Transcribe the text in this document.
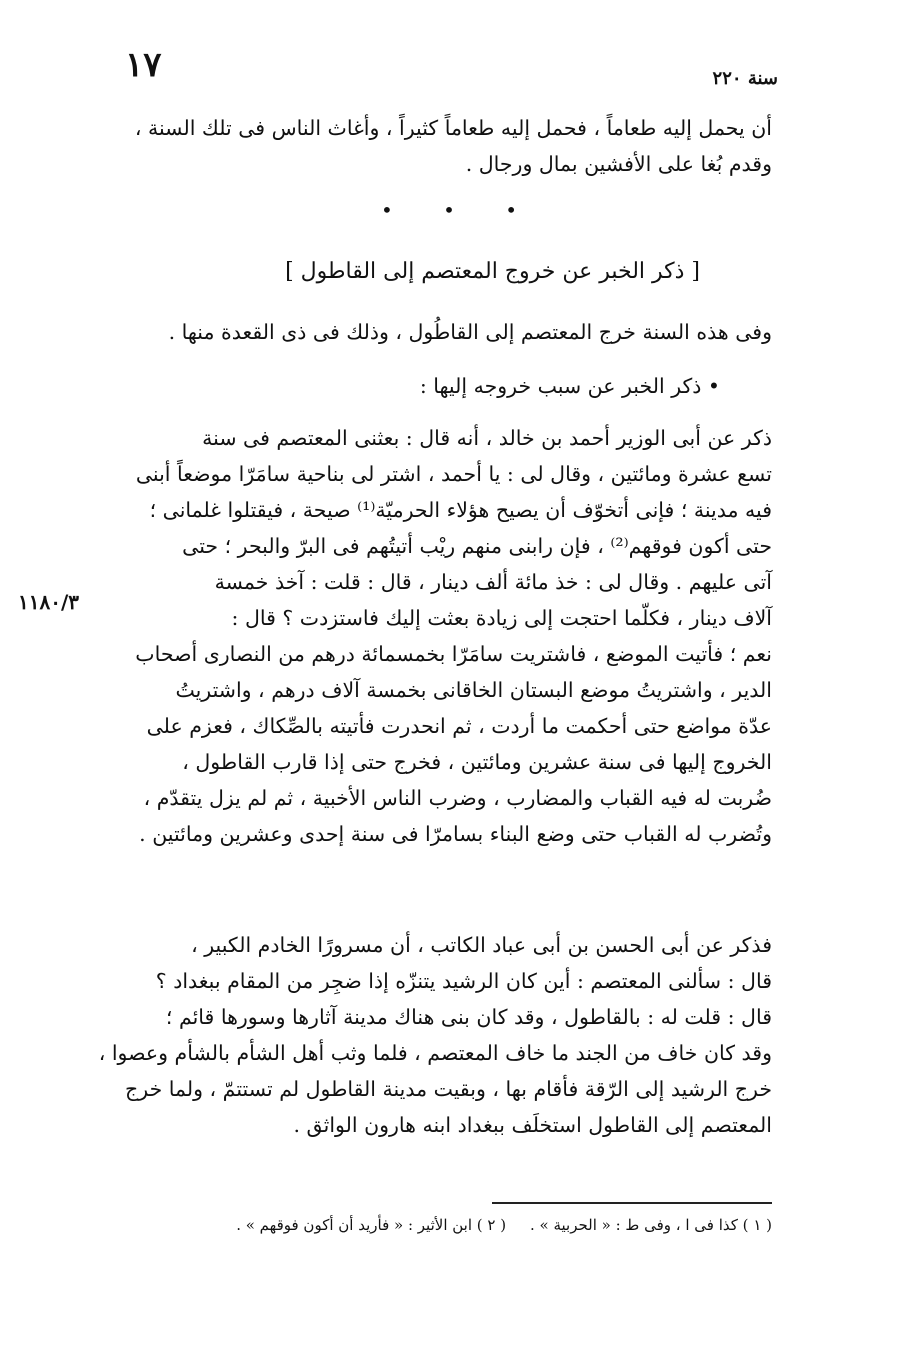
١٧	سنة ٢٢٠
أن يحمل إليه طعاماً ، فحمل إليه طعاماً كثيراً ، وأغاث الناس فى تلك السنة ،
وقدم بُغا على الأفشين بمال ورجال .
• • •
[ ذكر الخبر عن خروج المعتصم إلى القاطول ]
وفى هذه السنة خرج المعتصم إلى القاطُول ، وذلك فى ذى القعدة منها .
• ذكر الخبر عن سبب خروجه إليها :
ذكر عن أبى الوزير أحمد بن خالد ، أنه قال : بعثنى المعتصم فى سنة
تسع عشرة ومائتين ، وقال لى : يا أحمد ، اشتر لى بناحية سامَرّا موضعاً أبنى
فيه مدينة ؛ فإنى أتخوّف أن يصيح هؤلاء الحرميّة⁽¹⁾ صيحة ، فيقتلوا غلمانى ؛
حتى أكون فوقهم⁽²⁾ ، فإن رابنى منهم ريْب أتيتُهم فى البرّ والبحر ؛ حتى
آتى عليهم . وقال لى : خذ مائة ألف دينار ، قال : قلت : آخذ خمسة
آلاف دينار ، فكلّما احتجت إلى زيادة بعثت إليك فاستزدت ؟ قال :
نعم ؛ فأتيت الموضع ، فاشتريت سامَرّا بخمسمائة درهم من النصارى أصحاب
الدير ، واشتريتُ موضع البستان الخاقانى بخمسة آلاف درهم ، واشتريتُ
عدّة مواضع حتى أحكمت ما أردت ، ثم انحدرت فأتيته بالصِّكاك ، فعزم على
الخروج إليها فى سنة عشرين ومائتين ، فخرج حتى إذا قارب القاطول ،
ضُربت له فيه القباب والمضارب ، وضرب الناس الأخبية ، ثم لم يزل يتقدّم ،
وتُضرب له القباب حتى وضع البناء بسامرّا فى سنة إحدى وعشرين ومائتين .
١١٨٠/٣
فذكر عن أبى الحسن بن أبى عباد الكاتب ، أن مسرورًا الخادم الكبير ،
قال : سألنى المعتصم : أين كان الرشيد يتنزّه إذا ضجِر من المقام ببغداد ؟
قال : قلت له : بالقاطول ، وقد كان بنى هناك مدينة آثارها وسورها قائم ؛
وقد كان خاف من الجند ما خاف المعتصم ، فلما وثب أهل الشأم بالشأم وعصوا ،
خرج الرشيد إلى الرّقة فأقام بها ، وبقيت مدينة القاطول لم تستتمّ ، ولما خرج
المعتصم إلى القاطول استخلَف ببغداد ابنه هارون الواثق .
( ١ ) كذا فى ا ، وفى ط : « الحربية » .     ( ٢ ) ابن الأثير : « فأريد أن أكون فوقهم » .
